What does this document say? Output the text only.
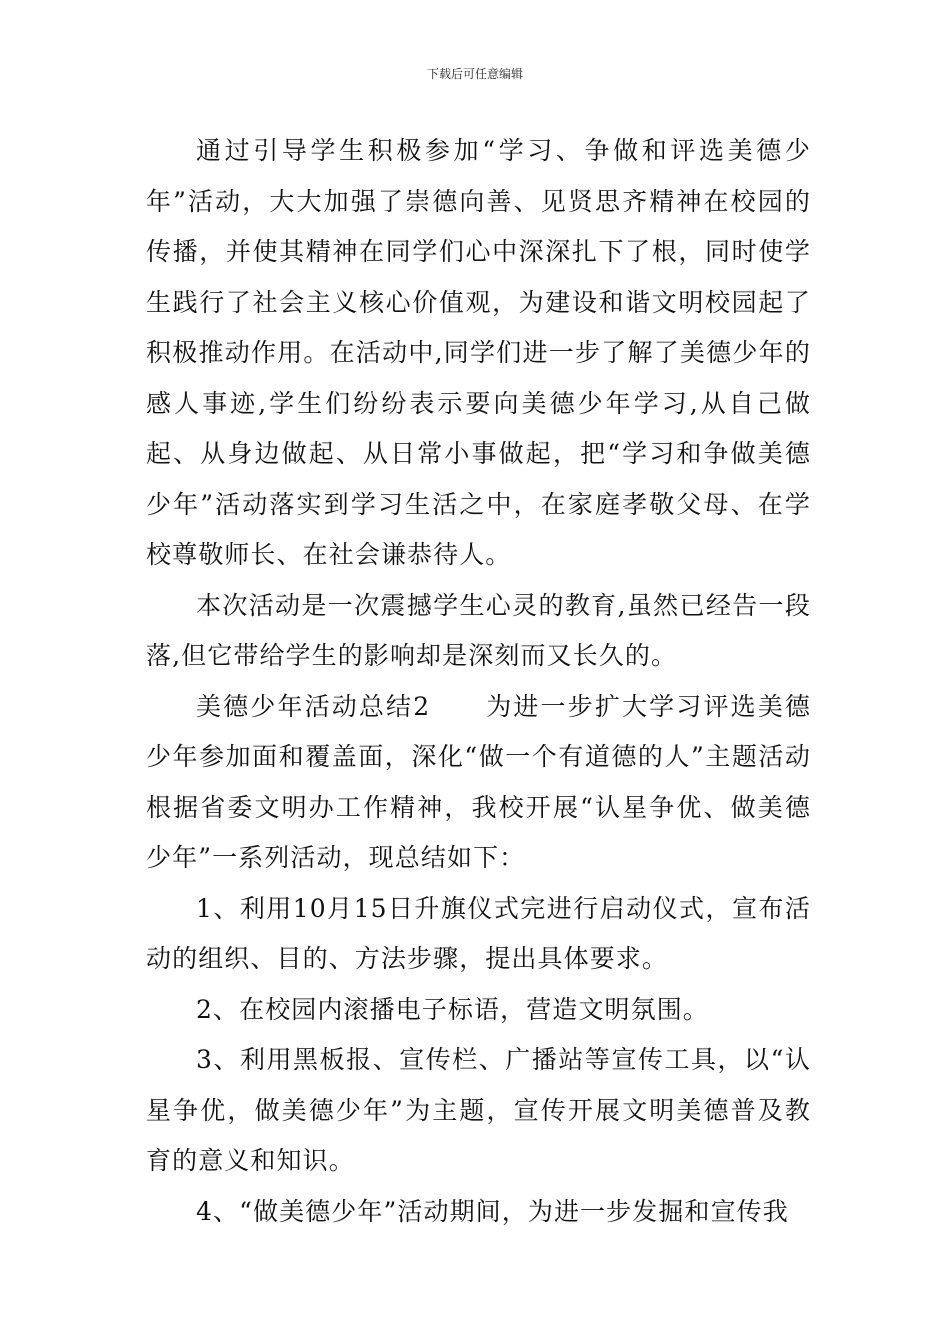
下载后可任意编辑

通过引导学生积极参加“学习、争做和评选美德少年”活动，大大加强了崇德向善、见贤思齐精神在校园的传播，并使其精神在同学们心中深深扎下了根，同时使学生践行了社会主义核心价值观，为建设和谐文明校园起了积极推动作用。在活动中,同学们进一步了解了美德少年的感人事迹,学生们纷纷表示要向美德少年学习,从自己做起、从身边做起、从日常小事做起，把“学习和争做美德少年”活动落实到学习生活之中，在家庭孝敬父母、在学校尊敬师长、在社会谦恭待人。

本次活动是一次震撼学生心灵的教育,虽然已经告一段落,但它带给学生的影响却是深刻而又长久的。

美德少年活动总结2 为进一步扩大学习评选美德少年参加面和覆盖面，深化“做一个有道德的人”主题活动根据省委文明办工作精神，我校开展“认星争优、做美德少年”一系列活动，现总结如下：

1、利用10月15日升旗仪式完进行启动仪式，宣布活动的组织、目的、方法步骤，提出具体要求。

2、在校园内滚播电子标语，营造文明氛围。

3、利用黑板报、宣传栏、广播站等宣传工具，以“认星争优，做美德少年”为主题，宣传开展文明美德普及教育的意义和知识。

4、“做美德少年”活动期间，为进一步发掘和宣传我
